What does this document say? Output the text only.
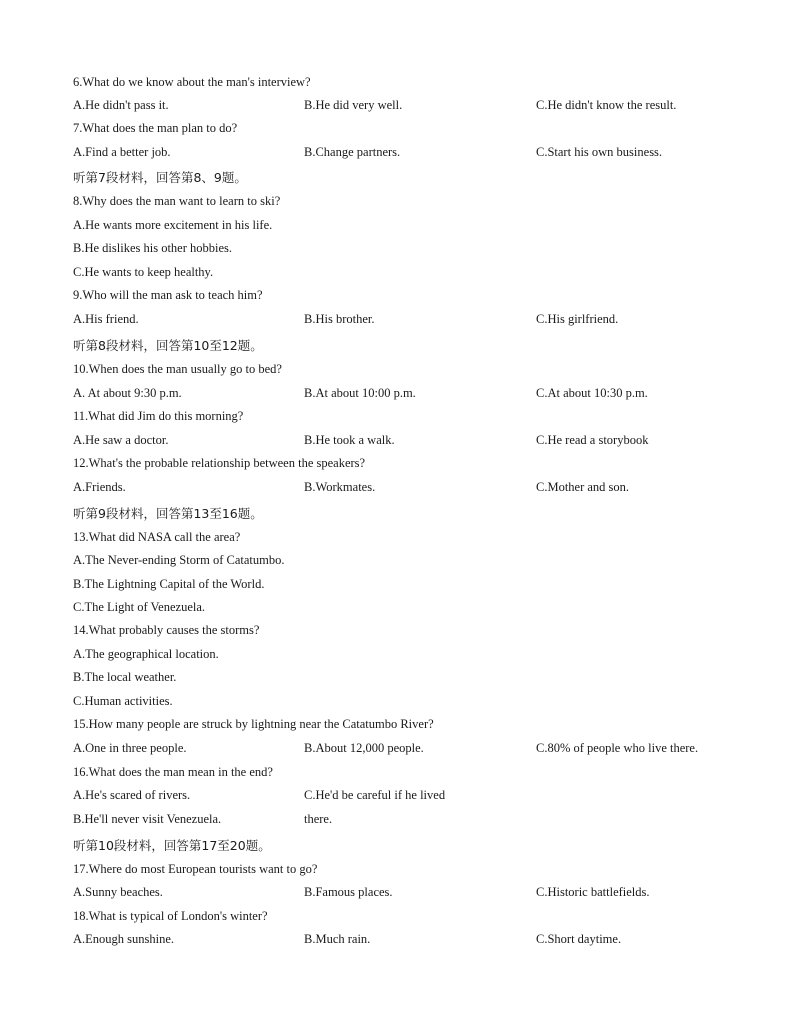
6.What do we know about the man's interview?
A.He didn't pass it.	B.He did very well.	C.He didn't know the result.
7.What does the man plan to do?
A.Find a better job.	B.Change partners.	C.Start his own business.
听第7段材料，回答第8、9题。
8.Why does the man want to learn to ski?
A.He wants more excitement in his life.
B.He dislikes his other hobbies.
C.He wants to keep healthy.
9.Who will the man ask to teach him?
A.His friend.	B.His brother.	C.His girlfriend.
听第8段材料，回答第10至12题。
10.When does the man usually go to bed?
A. At about 9:30 p.m.	B.At about 10:00 p.m.	C.At about 10:30 p.m.
11.What did Jim do this morning?
A.He saw a doctor.	B.He took a walk.	C.He read a storybook
12.What's the probable relationship between the speakers?
A.Friends.	B.Workmates.	C.Mother and son.
听第9段材料，回答第13至16题。
13.What did NASA call the area?
A.The Never-ending Storm of Catatumbo.
B.The Lightning Capital of the World.
C.The Light of Venezuela.
14.What probably causes the storms?
A.The geographical location.
B.The local weather.
C.Human activities.
15.How many people are struck by lightning near the Catatumbo River?
A.One in three people.	B.About 12,000 people.	C.80% of people who live there.
16.What does the man mean in the end?
A.He's scared of rivers.	C.He'd be careful if he lived
B.He'll never visit Venezuela.	there.
听第10段材料，回答第17至20题。
17.Where do most European tourists want to go?
A.Sunny beaches.	B.Famous places.	C.Historic battlefields.
18.What is typical of London's winter?
A.Enough sunshine.	B.Much rain.	C.Short daytime.
